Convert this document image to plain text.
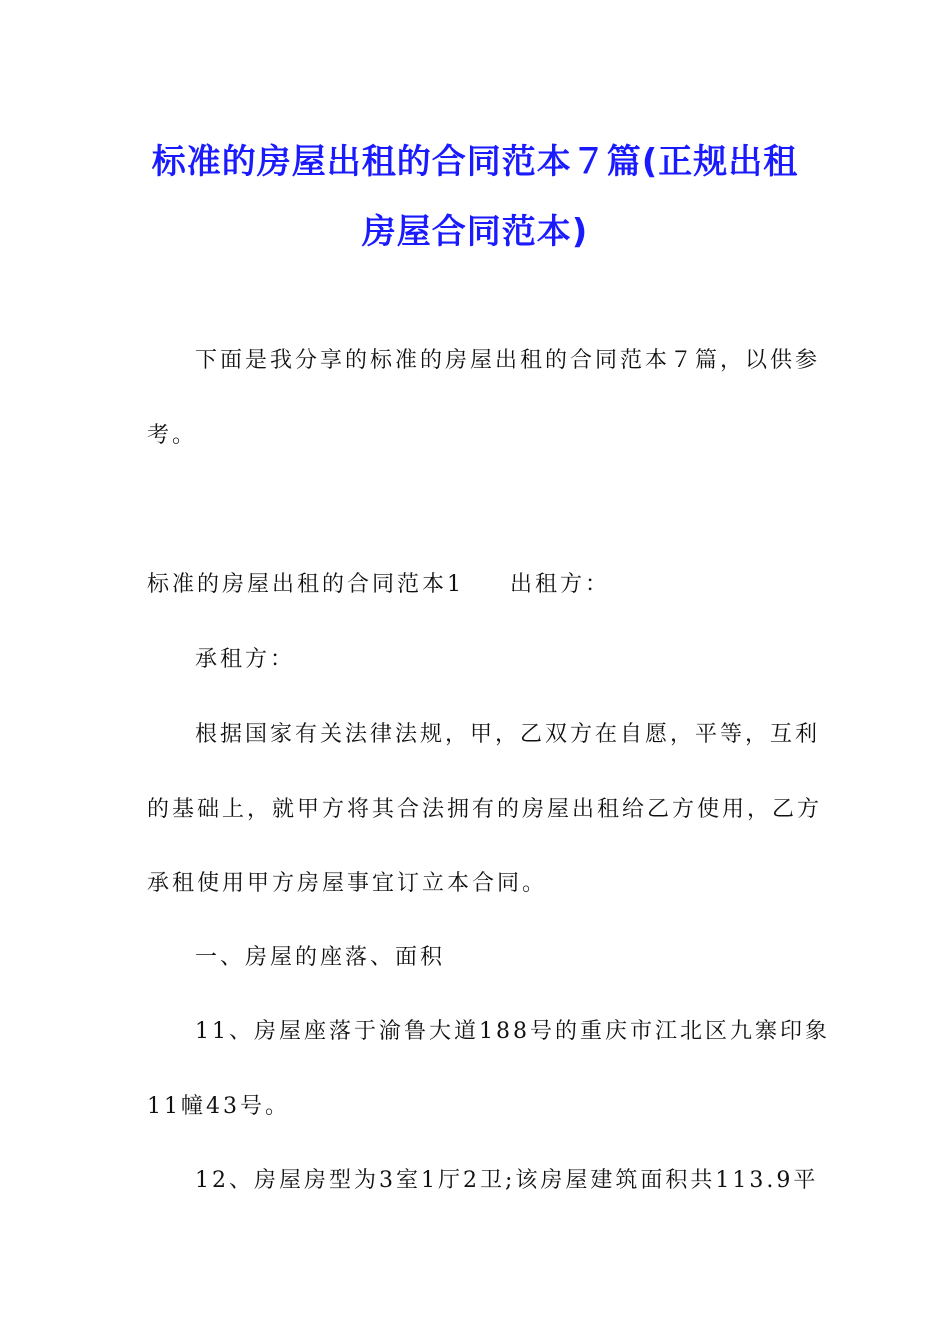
标准的房屋出租的合同范本７篇(正规出租
房屋合同范本)
下面是我分享的标准的房屋出租的合同范本７篇，以供参
考。
标准的房屋出租的合同范本1 出租方：
承租方：
根据国家有关法律法规，甲，乙双方在自愿，平等，互利
的基础上，就甲方将其合法拥有的房屋出租给乙方使用，乙方
承租使用甲方房屋事宜订立本合同。
一、房屋的座落、面积
11、房屋座落于渝鲁大道188号的重庆市江北区九寨印象
11幢43号。
12、房屋房型为3室1厅2卫;该房屋建筑面积共113.9平
